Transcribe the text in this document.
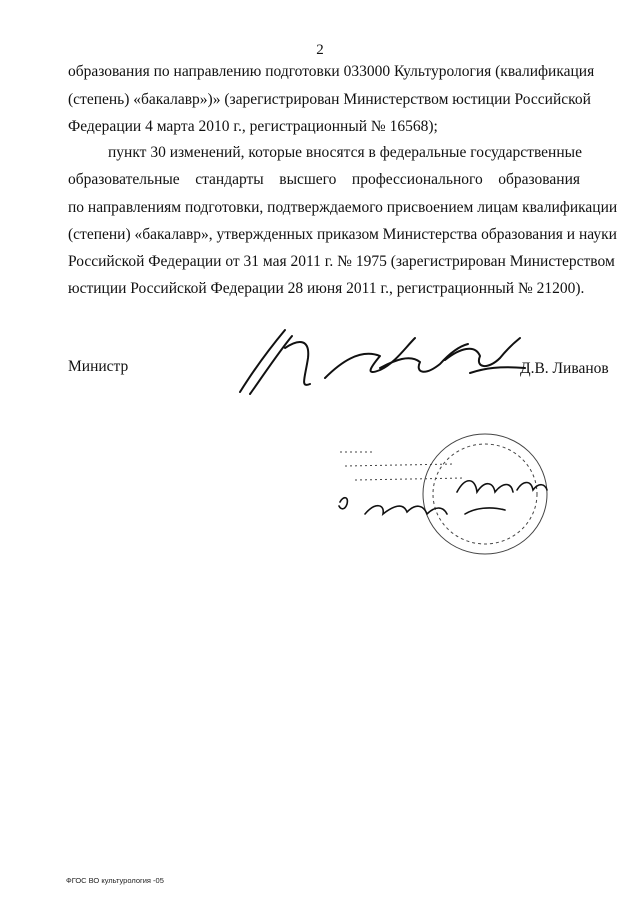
2
образования по направлению подготовки 033000 Культурология (квалификация
(степень) «бакалавр»)» (зарегистрирован Министерством юстиции Российской
Федерации 4 марта 2010 г., регистрационный № 16568);
пункт 30 изменений, которые вносятся в федеральные государственные
образовательные стандарты высшего профессионального образования
по направлениям подготовки, подтверждаемого присвоением лицам квалификации
(степени) «бакалавр», утвержденных приказом Министерства образования и науки
Российской Федерации от 31 мая 2011 г. № 1975 (зарегистрирован Министерством
юстиции Российской Федерации 28 июня 2011 г., регистрационный № 21200).
Министр	Д.В. Ливанов
ФГОС ВО культурология -05
